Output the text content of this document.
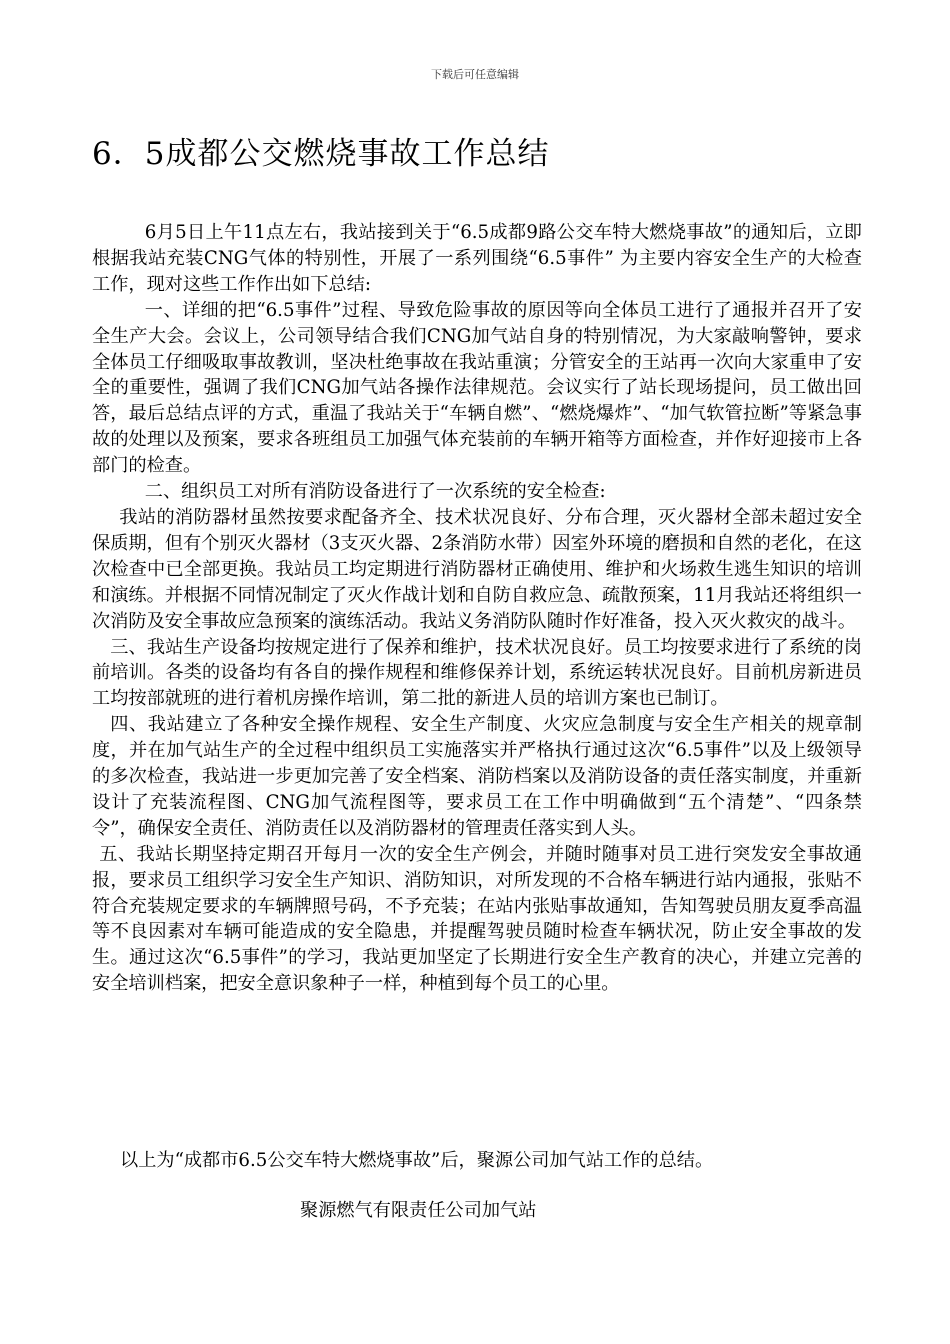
下载后可任意编辑
6．5成都公交燃烧事故工作总结

6月5日上午11点左右，我站接到关于“6.5成都9路公交车特大燃烧事故”的通知后，立即根据我站充装CNG气体的特别性，开展了一系列围绕“6.5事件” 为主要内容安全生产的大检查工作，现对这些工作作出如下总结:

一、详细的把“6.5事件”过程、导致危险事故的原因等向全体员工进行了通报并召开了安全生产大会。会议上，公司领导结合我们CNG加气站自身的特别情况，为大家敲响警钟，要求全体员工仔细吸取事故教训，坚决杜绝事故在我站重演；分管安全的王站再一次向大家重申了安全的重要性，强调了我们CNG加气站各操作法律规范。会议实行了站长现场提问，员工做出回答，最后总结点评的方式，重温了我站关于“车辆自燃”、“燃烧爆炸”、“加气软管拉断”等紧急事故的处理以及预案，要求各班组员工加强气体充装前的车辆开箱等方面检查，并作好迎接市上各部门的检查。

二、组织员工对所有消防设备进行了一次系统的安全检查:

我站的消防器材虽然按要求配备齐全、技术状况良好、分布合理，灭火器材全部未超过安全保质期，但有个别灭火器材（3支灭火器、2条消防水带）因室外环境的磨损和自然的老化，在这次检查中已全部更换。我站员工均定期进行消防器材正确使用、维护和火场救生逃生知识的培训和演练。并根据不同情况制定了灭火作战计划和自防自救应急、疏散预案，11月我站还将组织一次消防及安全事故应急预案的演练活动。我站义务消防队随时作好准备，投入灭火救灾的战斗。

三、我站生产设备均按规定进行了保养和维护，技术状况良好。员工均按要求进行了系统的岗前培训。各类的设备均有各自的操作规程和维修保养计划，系统运转状况良好。目前机房新进员工均按部就班的进行着机房操作培训，第二批的新进人员的培训方案也已制订。

四、我站建立了各种安全操作规程、安全生产制度、火灾应急制度与安全生产相关的规章制度，并在加气站生产的全过程中组织员工实施落实并严格执行通过这次“6.5事件”以及上级领导的多次检查，我站进一步更加完善了安全档案、消防档案以及消防设备的责任落实制度，并重新设计了充装流程图、CNG加气流程图等，要求员工在工作中明确做到“五个清楚”、“四条禁令”，确保安全责任、消防责任以及消防器材的管理责任落实到人头。

五、我站长期坚持定期召开每月一次的安全生产例会，并随时随事对员工进行突发安全事故通报，要求员工组织学习安全生产知识、消防知识，对所发现的不合格车辆进行站内通报，张贴不符合充装规定要求的车辆牌照号码，不予充装；在站内张贴事故通知，告知驾驶员朋友夏季高温等不良因素对车辆可能造成的安全隐患，并提醒驾驶员随时检查车辆状况，防止安全事故的发生。通过这次“6.5事件”的学习，我站更加坚定了长期进行安全生产教育的决心，并建立完善的安全培训档案，把安全意识象种子一样，种植到每个员工的心里。

以上为“成都市6.5公交车特大燃烧事故”后，聚源公司加气站工作的总结。
聚源燃气有限责任公司加气站
